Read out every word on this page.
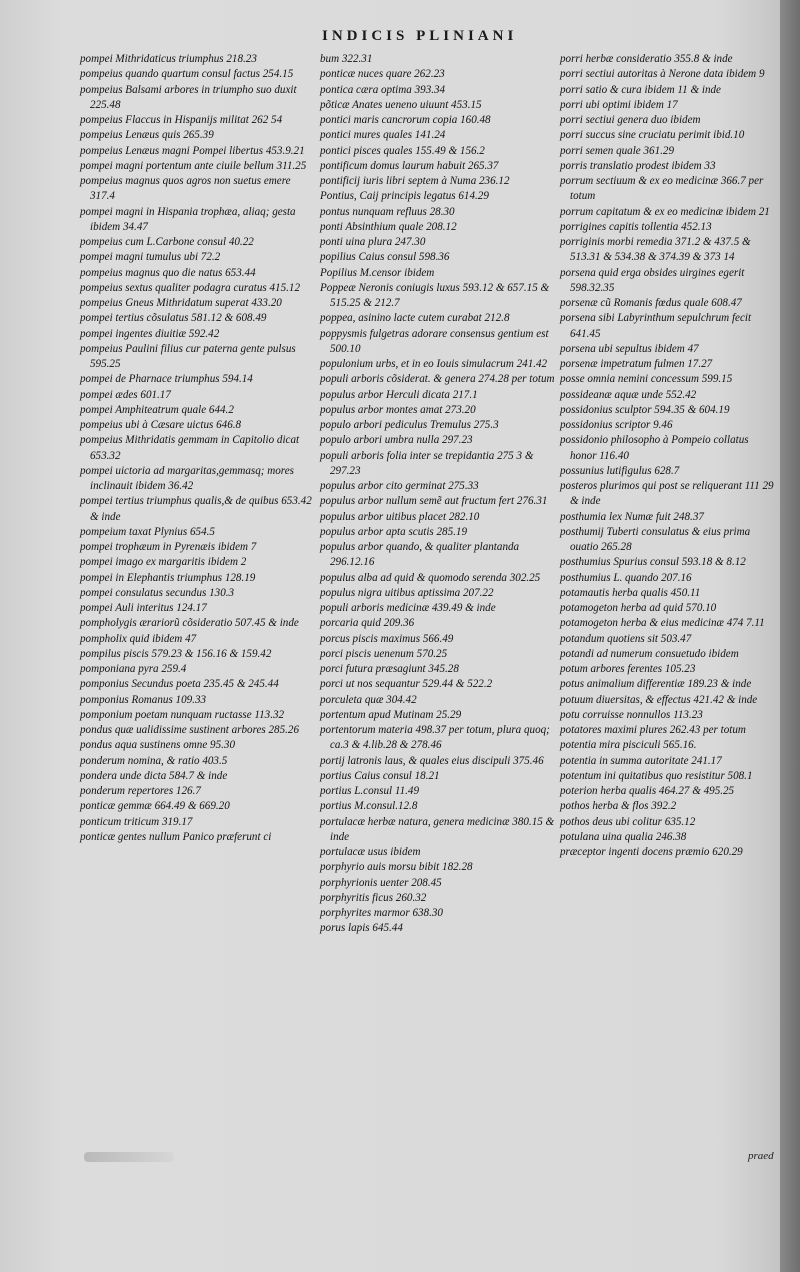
INDICIS PLINIANI

pompei Mithridaticus triumphus 218.23

pompeius quando quartum consul factus 254.15

pompeius Balsami arbores in triumpho suo duxit 225.48

pompeius Flaccus in Hispanijs militat 262 54

pompeius Lenæus quis 265.39

pompeius Lenæus magni Pompei libertus 453.9.21

pompei magni portentum ante ciuile bellum 311.25

pompeius magnus quos agros non suetus emere 317.4

pompei magni in Hispania trophæa, aliaq; gesta ibidem 34.47

pompeius cum L.Carbone consul 40.22

pompei magni tumulus ubi 72.2

pompeius magnus quo die natus 653.44

pompeius sextus qualiter podagra curatus 415.12

pompeius Gneus Mithridatum superat 433.20

pompei tertius cõsulatus 581.12 & 608.49

pompei ingentes diuitiæ 592.42

pompeius Paulini filius cur paterna gente pulsus 595.25

pompei de Pharnace triumphus 594.14

pompei ædes 601.17

pompei Amphiteatrum quale 644.2

pompeius ubi à Cæsare uictus 646.8

pompeius Mithridatis gemmam in Capitolio dicat 653.32

pompei uictoria ad margaritas,gemmasq; mores inclinauit ibidem 36.42

pompei tertius triumphus qualis,& de quibus 653.42 & inde

pompeium taxat Plynius 654.5

pompei trophæum in Pyrenæis ibidem 7

pompei imago ex margaritis ibidem 2

pompei in Elephantis triumphus 128.19

pompei consulatus secundus 130.3

pompei Auli interitus 124.17

pompholygis ærariorũ cõsideratio 507.45 & inde

pompholix quid ibidem 47

pompilus piscis 579.23 & 156.16 & 159.42

pomponiana pyra 259.4

pomponius Secundus poeta 235.45 & 245.44

pomponius Romanus 109.33

pomponium poetam nunquam ructasse 113.32

pondus quæ ualidissime sustinent arbores 285.26

pondus aqua sustinens omne 95.30

ponderum nomina, & ratio 403.5

pondera unde dicta 584.7 & inde

ponderum repertores 126.7

ponticæ gemmæ 664.49 & 669.20

ponticum triticum 319.17

ponticæ gentes nullum Panico præferunt ci

bum 322.31

ponticæ nuces quare 262.23

pontica cæra optima 393.34

põticæ Anates ueneno uiuunt 453.15

pontici maris cancrorum copia 160.48

pontici mures quales 141.24

pontici pisces quales 155.49 & 156.2

pontificum domus laurum habuit 265.37

pontificij iuris libri septem à Numa 236.12

Pontius, Caij principis legatus 614.29

pontus nunquam refluus 28.30

ponti Absinthium quale 208.12

ponti uina plura 247.30

popilius Caius consul 598.36

Popilius M.censor ibidem

Poppeæ Neronis coniugis luxus 593.12 & 657.15 & 515.25 & 212.7

poppea, asinino lacte cutem curabat 212.8

poppysmis fulgetras adorare consensus gentium est 500.10

populonium urbs, et in eo Iouis simulacrum 241.42

populi arboris cõsiderat. & genera 274.28 per totum

populus arbor Herculi dicata 217.1

populus arbor montes amat 273.20

populo arbori pediculus Tremulus 275.3

populo arbori umbra nulla 297.23

populi arboris folia inter se trepidantia 275 3 & 297.23

populus arbor cito germinat 275.33

populus arbor nullum semẽ aut fructum fert 276.31

populus arbor uitibus placet 282.10

populus arbor apta scutis 285.19

populus arbor quando, & qualiter plantanda 296.12.16

populus alba ad quid & quomodo serenda 302.25

populus nigra uitibus aptissima 207.22

populi arboris medicinæ 439.49 & inde

porcaria quid 209.36

porcus piscis maximus 566.49

porci piscis uenenum 570.25

porci futura præsagiunt 345.28

porci ut nos sequantur 529.44 & 522.2

porculeta quæ 304.42

portentum apud Mutinam 25.29

portentorum materia 498.37 per totum, plura quoq; ca.3 & 4.lib.28 & 278.46

portij latronis laus, & quales eius discipuli 375.46

portius Caius consul 18.21

portius L.consul 11.49

portius M.consul.12.8

portulacæ herbæ natura, genera medicinæ 380.15 & inde

portulacæ usus ibidem

porphyrio auis morsu bibit 182.28

porphyrionis uenter 208.45

porphyritis ficus 260.32

porphyrites marmor 638.30

porus lapis 645.44

porri herbæ consideratio 355.8 & inde

porri sectiui autoritas à Nerone data ibidem 9

porri satio & cura ibidem 11 & inde

porri ubi optimi ibidem 17

porri sectiui genera duo ibidem

porri succus sine cruciatu perimit ibid.10

porri semen quale 361.29

porris translatio prodest ibidem 33

porrum sectiuum & ex eo medicinæ 366.7 per totum

porrum capitatum & ex eo medicinæ ibidem 21

porrigines capitis tollentia 452.13

porriginis morbi remedia 371.2 & 437.5 & 513.31 & 534.38 & 374.39 & 373 14

porsena quid erga obsides uirgines egerit 598.32.35

porsenæ cũ Romanis fœdus quale 608.47

porsena sibi Labyrinthum sepulchrum fecit 641.45

porsena ubi sepultus ibidem 47

porsenæ impetratum fulmen 17.27

posse omnia nemini concessum 599.15

possideanæ aquæ unde 552.42

possidonius sculptor 594.35 & 604.19

possidonius scriptor 9.46

possidonio philosopho à Pompeio collatus honor 116.40

possunius lutifigulus 628.7

posteros plurimos qui post se reliquerant 111 29 & inde

posthumia lex Numæ fuit 248.37

posthumij Tuberti consulatus & eius prima ouatio 265.28

posthumius Spurius consul 593.18 & 8.12

posthumius L. quando 207.16

potamautis herba qualis 450.11

potamogeton herba ad quid 570.10

potamogeton herba & eius medicinæ 474 7.11

potandum quotiens sit 503.47

potandi ad numerum consuetudo ibidem

potum arbores ferentes 105.23

potus animalium differentiæ 189.23 & inde

potuum diuersitas, & effectus 421.42 & inde

potu corruisse nonnullos 113.23

potatores maximi plures 262.43 per totum

potentia mira pisciculi 565.16.

potentia in summa autoritate 241.17

potentum ini quitatibus quo resistitur 508.1

poterion herba qualis 464.27 & 495.25

pothos herba & flos 392.2

pothos deus ubi colitur 635.12

potulana uina qualia 246.38

præceptor ingenti docens præmio 620.29

praed
